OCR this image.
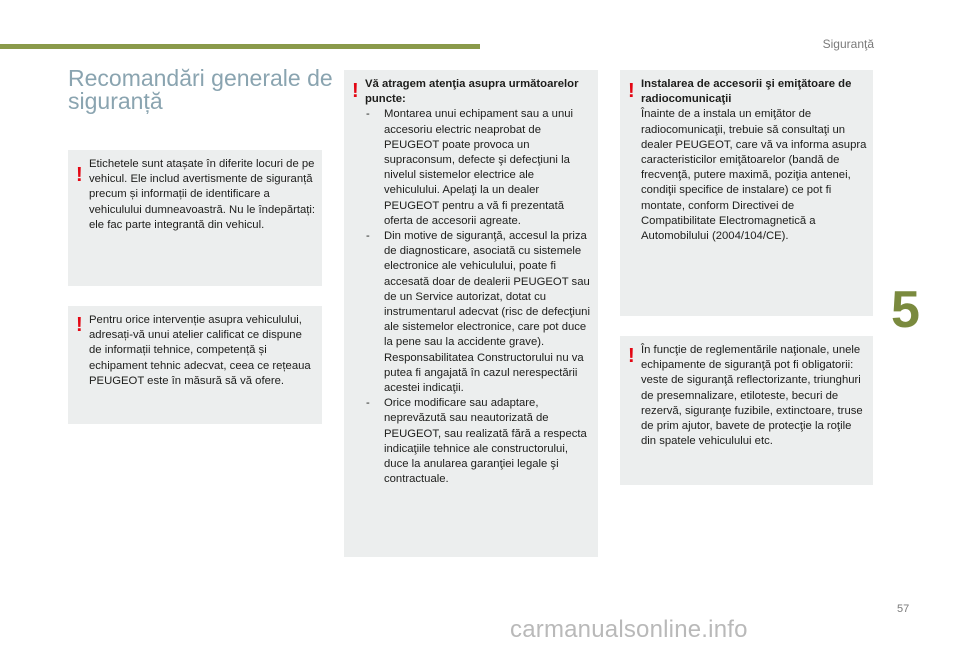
Siguranţă
5
57
Recomandări generale de siguranță
! Etichetele sunt atașate în diferite locuri de pe vehicul. Ele includ avertismente de siguranță precum și informații de identificare a vehiculului dumneavoastră. Nu le îndepărtați: ele fac parte integrantă din vehicul.

! Pentru orice intervenție asupra vehiculului, adresați-vă unui atelier calificat ce dispune de informații tehnice, competență și echipament tehnic adecvat, ceea ce rețeaua PEUGEOT este în măsură să vă ofere.

! Vă atragem atenţia asupra următoarelor puncte:

- Montarea unui echipament sau a unui accesoriu electric neaprobat de PEUGEOT poate provoca un supraconsum, defecte şi defecţiuni la nivelul sistemelor electrice ale vehiculului. Apelaţi la un dealer PEUGEOT pentru a vă fi prezentată oferta de accesorii agreate.
- Din motive de siguranţă, accesul la priza de diagnosticare, asociată cu sistemele electronice ale vehiculului, poate fi accesată doar de dealerii PEUGEOT sau de un Service autorizat, dotat cu instrumentarul adecvat (risc de defecţiuni ale sistemelor electronice, care pot duce la pene sau la accidente grave). Responsabilitatea Constructorului nu va putea fi angajată în cazul nerespectării acestei indicaţii.
- Orice modificare sau adaptare, neprevăzută sau neautorizată de PEUGEOT, sau realizată fără a respecta indicaţiile tehnice ale constructorului, duce la anularea garanţiei legale şi contractuale.
! Instalarea de accesorii şi emiţătoare de radiocomunicaţii

Înainte de a instala un emiţător de radiocomunicaţii, trebuie să consultaţi un dealer PEUGEOT, care vă va informa asupra caracteristicilor emiţătoarelor (bandă de frecvenţă, putere maximă, poziţia antenei, condiţii specifice de instalare) ce pot fi montate, conform Directivei de Compatibilitate Electromagnetică a Automobilului (2004/104/CE).

! În funcţie de reglementările naţionale, unele echipamente de siguranţă pot fi obligatorii: veste de siguranţă reflectorizante, triunghuri de presemnalizare, etiloteste, becuri de rezervă, siguranţe fuzibile, extinctoare, truse de prim ajutor, bavete de protecţie la roţile din spatele vehiculului etc.

carmanualsonline.info
